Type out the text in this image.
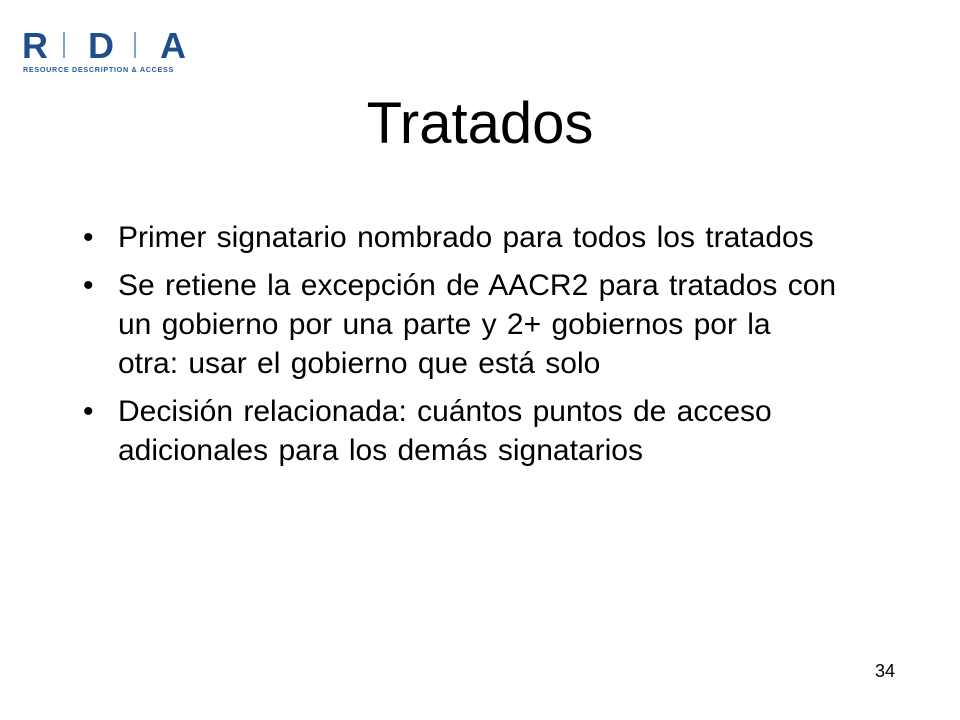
R D A
RESOURCE DESCRIPTION & ACCESS
Tratados
• Primer signatario nombrado para todos los tratados
• Se retiene la excepción de AACR2 para tratados con un gobierno por una parte y 2+ gobiernos por la otra: usar el gobierno que está solo
• Decisión relacionada: cuántos puntos de acceso adicionales para los demás signatarios
34
